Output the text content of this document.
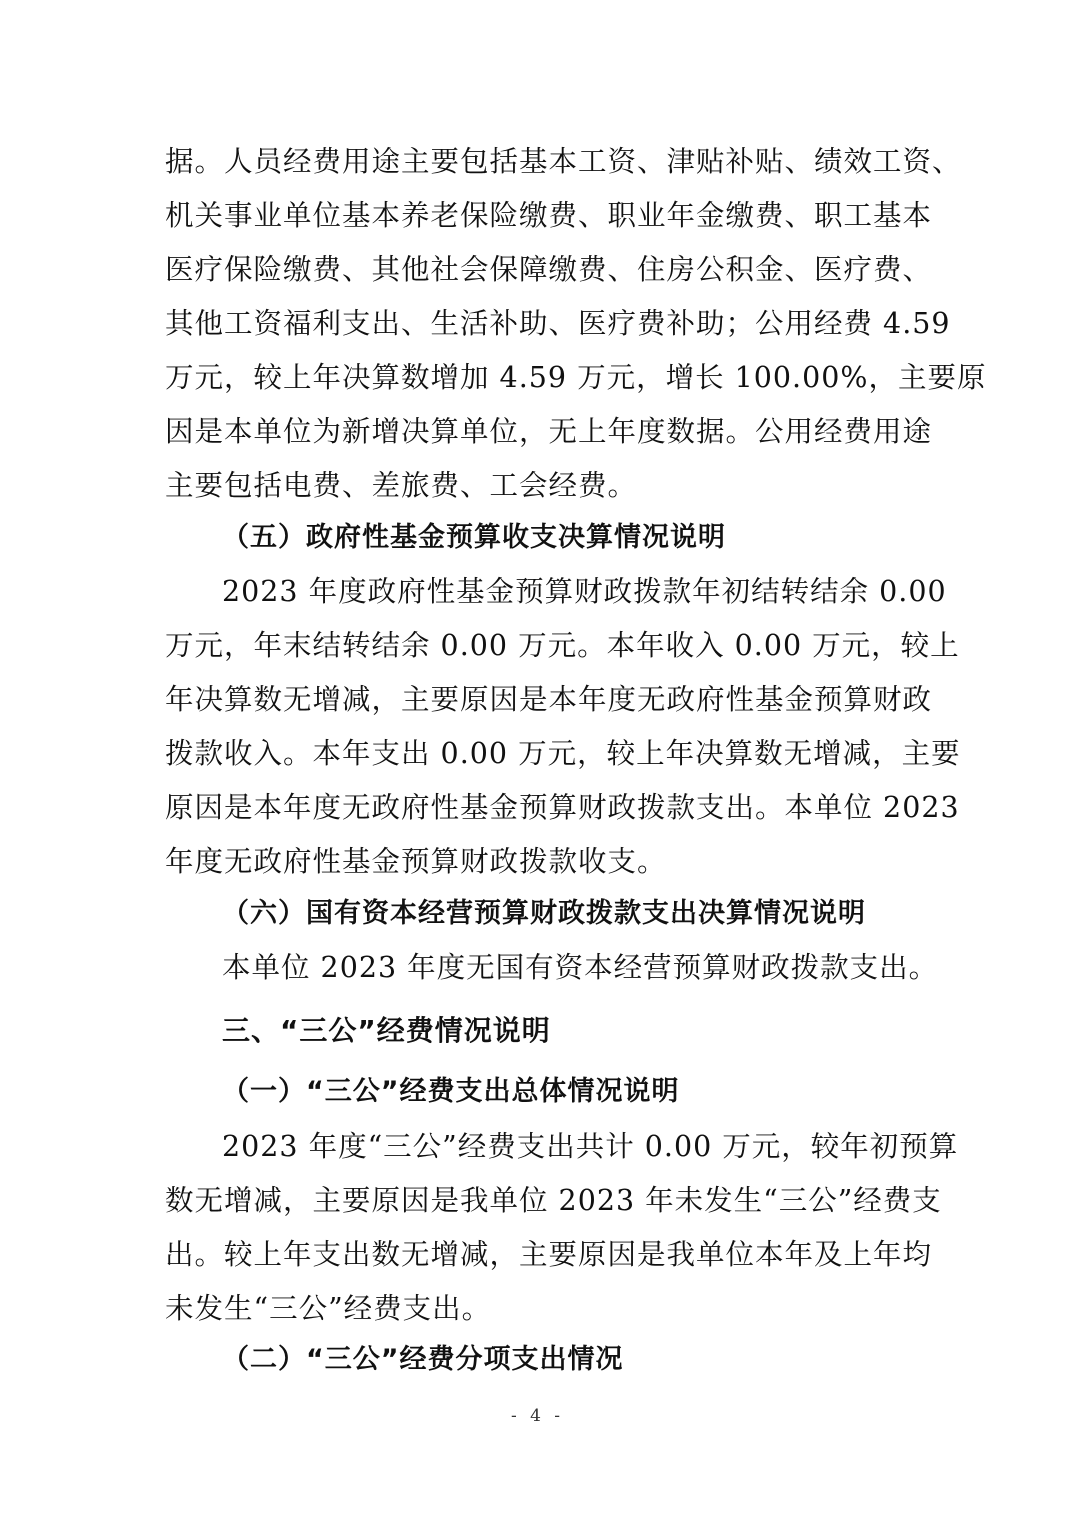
据。人员经费用途主要包括基本工资、津贴补贴、绩效工资、
机关事业单位基本养老保险缴费、职业年金缴费、职工基本
医疗保险缴费、其他社会保障缴费、住房公积金、医疗费、
其他工资福利支出、生活补助、医疗费补助；公用经费 4.59
万元，较上年决算数增加 4.59 万元，增长 100.00%，主要原
因是本单位为新增决算单位，无上年度数据。公用经费用途
主要包括电费、差旅费、工会经费。
（五）政府性基金预算收支决算情况说明
2023 年度政府性基金预算财政拨款年初结转结余 0.00
万元，年末结转结余 0.00 万元。本年收入 0.00 万元，较上
年决算数无增减，主要原因是本年度无政府性基金预算财政
拨款收入。本年支出 0.00 万元，较上年决算数无增减，主要
原因是本年度无政府性基金预算财政拨款支出。本单位 2023
年度无政府性基金预算财政拨款收支。
（六）国有资本经营预算财政拨款支出决算情况说明
本单位 2023 年度无国有资本经营预算财政拨款支出。
三、“三公”经费情况说明
（一）“三公”经费支出总体情况说明
2023 年度“三公”经费支出共计 0.00 万元，较年初预算
数无增减，主要原因是我单位 2023 年未发生“三公”经费支
出。较上年支出数无增减，主要原因是我单位本年及上年均
未发生“三公”经费支出。
（二）“三公”经费分项支出情况
- 4 -
